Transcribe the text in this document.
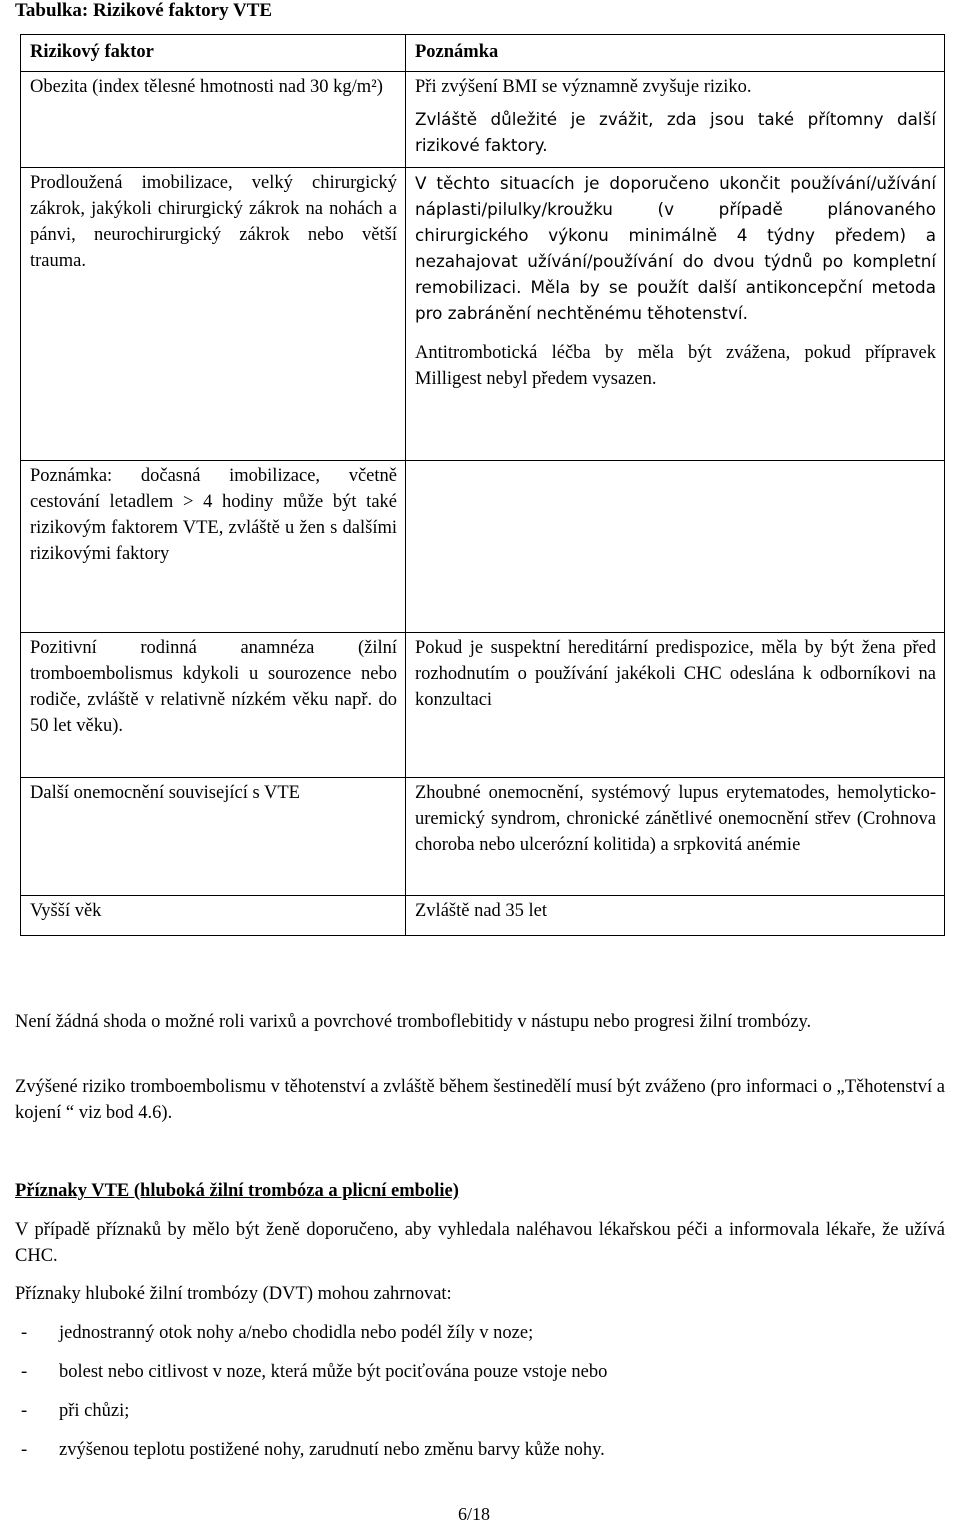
Tabulka: Rizikové faktory VTE
Rizikový faktor	Poznámka
Obezita (index tělesné hmotnosti nad 30 kg/m²)	Při zvýšení BMI se významně zvyšuje riziko.

Zvláště důležité je zvážit, zda jsou také přítomny další rizikové faktory.

Prodloužená imobilizace, velký chirurgický zákrok, jakýkoli chirurgický zákrok na nohách a pánvi, neurochirurgický zákrok nebo větší trauma.	V těchto situacích je doporučeno ukončit používání/užívání náplasti/pilulky/kroužku (v případě plánovaného chirurgického výkonu minimálně 4 týdny předem) a nezahajovat užívání/používání do dvou týdnů po kompletní remobilizaci. Měla by se použít další antikoncepční metoda pro zabránění nechtěnému těhotenství.

Antitrombotická léčba by měla být zvážena, pokud přípravek Milligest nebyl předem vysazen.

Poznámka: dočasná imobilizace, včetně cestování letadlem > 4 hodiny může být také rizikovým faktorem VTE, zvláště u žen s dalšími rizikovými faktory	
Pozitivní rodinná anamnéza (žilní tromboembolismus kdykoli u sourozence nebo rodiče, zvláště v relativně nízkém věku např. do 50 let věku).	Pokud je suspektní hereditární predispozice, měla by být žena před rozhodnutím o používání jakékoli CHC odeslána k odborníkovi na konzultaci
Další onemocnění související s VTE	Zhoubné onemocnění, systémový lupus erytematodes, hemolyticko-uremický syndrom, chronické zánětlivé onemocnění střev (Crohnova choroba nebo ulcerózní kolitida) a srpkovitá anémie
Vyšší věk	Zvláště nad 35 let

Není žádná shoda o možné roli varixů a povrchové tromboflebitidy v nástupu nebo progresi žilní trombózy.

Zvýšené riziko tromboembolismu v těhotenství a zvláště během šestinedělí musí být zváženo (pro informaci o „Těhotenství a kojení “ viz bod 4.6).

Příznaky VTE (hluboká žilní trombóza a plicní embolie)

V případě příznaků by mělo být ženě doporučeno, aby vyhledala naléhavou lékařskou péči a informovala lékaře, že užívá CHC.

Příznaky hluboké žilní trombózy (DVT) mohou zahrnovat:

- jednostranný otok nohy a/nebo chodidla nebo podél žíly v noze;
- bolest nebo citlivost v noze, která může být pociťována pouze vstoje nebo
- při chůzi;
- zvýšenou teplotu postižené nohy, zarudnutí nebo změnu barvy kůže nohy.
6/18
